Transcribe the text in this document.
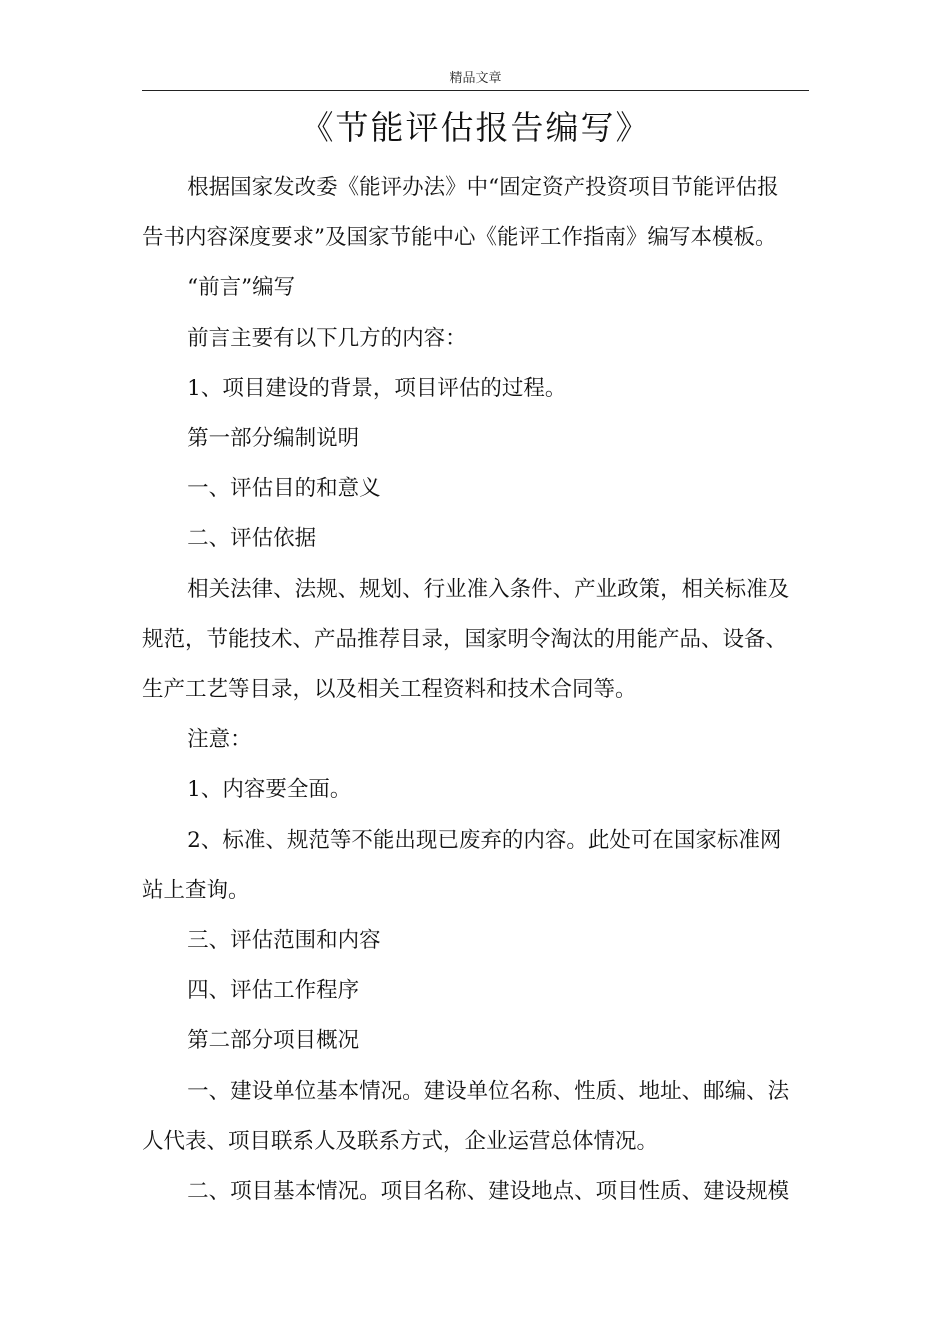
精品文章
《节能评估报告编写》

根据国家发改委《能评办法》中“固定资产投资项目节能评估报
告书内容深度要求”及国家节能中心《能评工作指南》编写本模板。

“前言”编写

前言主要有以下几方的内容：

1、项目建设的背景，项目评估的过程。

第一部分编制说明

一、评估目的和意义

二、评估依据

相关法律、法规、规划、行业准入条件、产业政策，相关标准及
规范，节能技术、产品推荐目录，国家明令淘汰的用能产品、设备、
生产工艺等目录，以及相关工程资料和技术合同等。

注意：

1、内容要全面。

2、标准、规范等不能出现已废弃的内容。此处可在国家标准网
站上查询。

三、评估范围和内容

四、评估工作程序

第二部分项目概况

一、建设单位基本情况。建设单位名称、性质、地址、邮编、法
人代表、项目联系人及联系方式，企业运营总体情况。

二、项目基本情况。项目名称、建设地点、项目性质、建设规模
